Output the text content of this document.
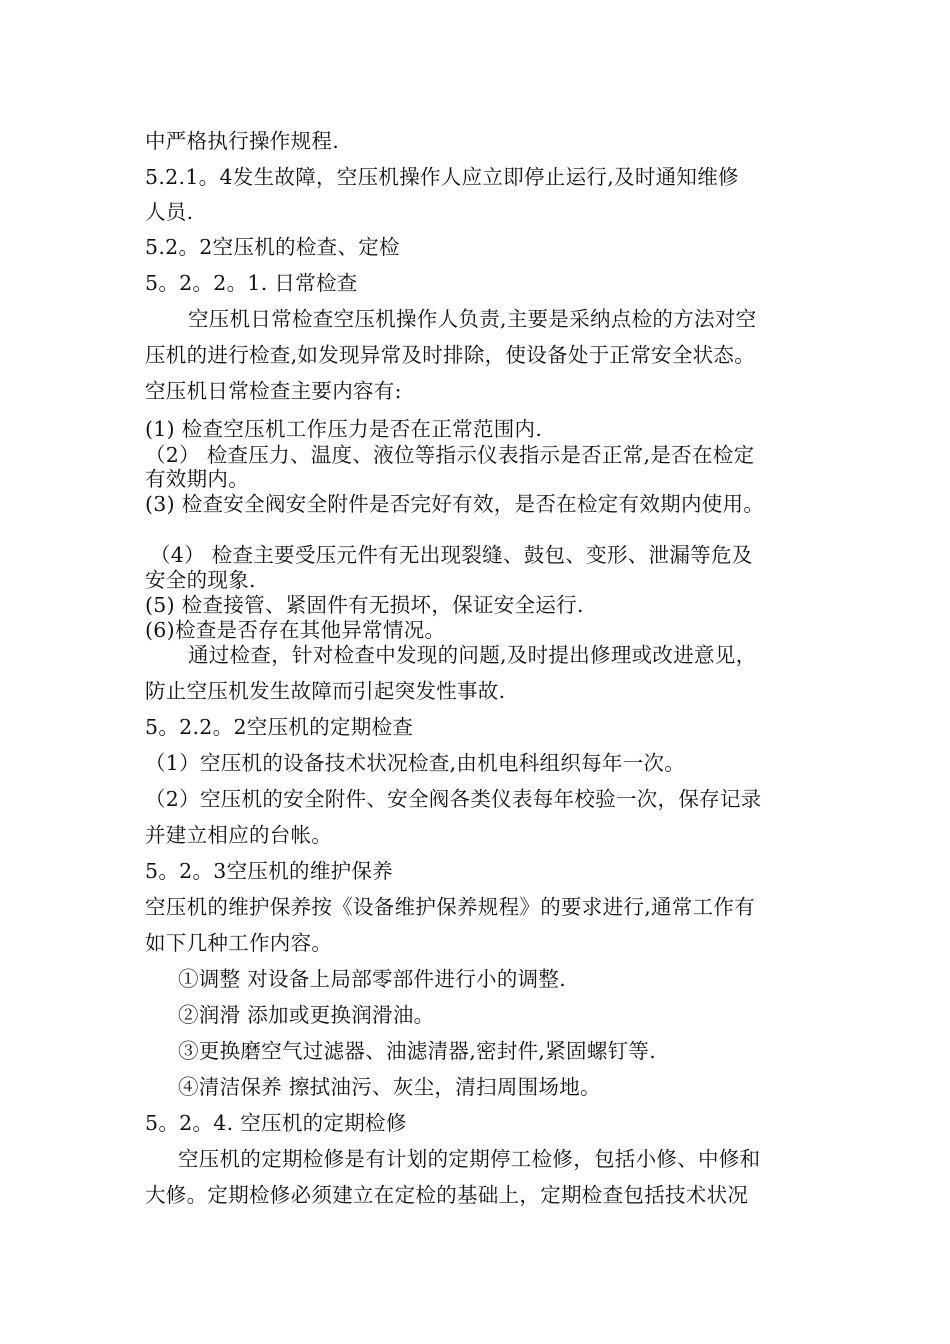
中严格执行操作规程.
5.2.1。4发生故障，空压机操作人应立即停止运行,及时通知维修
人员.
5.2。2空压机的检查、定检
5。2。2。1. 日常检查
空压机日常检查空压机操作人负责,主要是采纳点检的方法对空
压机的进行检查,如发现异常及时排除，使设备处于正常安全状态。
空压机日常检查主要内容有:
(1) 检查空压机工作压力是否在正常范围内.
（2） 检查压力、温度、液位等指示仪表指示是否正常,是否在检定
有效期内。
(3) 检查安全阀安全附件是否完好有效，是否在检定有效期内使用。
（4） 检查主要受压元件有无出现裂缝、鼓包、变形、泄漏等危及
安全的现象.
(5) 检查接管、紧固件有无损坏，保证安全运行.
(6)检查是否存在其他异常情况。
通过检查，针对检查中发现的问题,及时提出修理或改进意见，
防止空压机发生故障而引起突发性事故.
5。2.2。2空压机的定期检查
（1）空压机的设备技术状况检查,由机电科组织每年一次。
（2）空压机的安全附件、安全阀各类仪表每年校验一次，保存记录
并建立相应的台帐。
5。2。3空压机的维护保养
空压机的维护保养按《设备维护保养规程》的要求进行,通常工作有
如下几种工作内容。
①调整 对设备上局部零部件进行小的调整.
②润滑 添加或更换润滑油。
③更换磨空气过滤器、油滤清器,密封件,紧固螺钉等.
④清洁保养 擦拭油污、灰尘，清扫周围场地。
5。2。4. 空压机的定期检修
空压机的定期检修是有计划的定期停工检修，包括小修、中修和
大修。定期检修必须建立在定检的基础上，定期检查包括技术状况
